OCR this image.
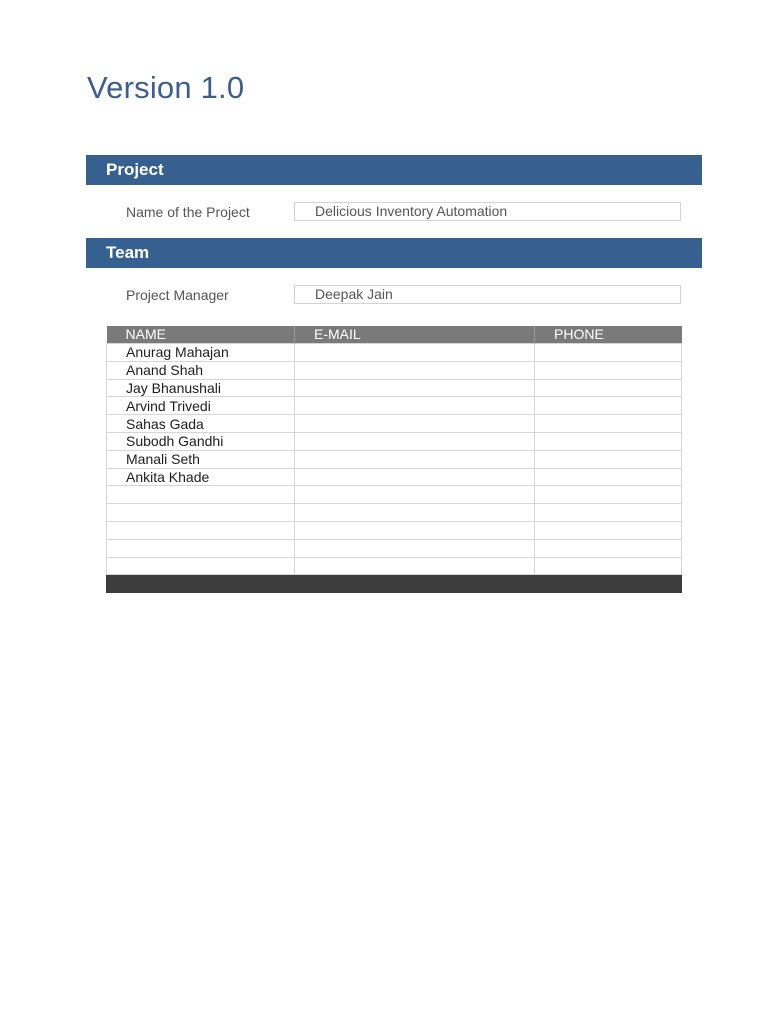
Version 1.0
Project
Name of the Project	Delicious Inventory Automation
Team
Project Manager	Deepak Jain
NAME	E-MAIL	PHONE
Anurag Mahajan		
Anand Shah		
Jay Bhanushali		
Arvind Trivedi		
Sahas Gada		
Subodh Gandhi		
Manali Seth		
Ankita Khade		
